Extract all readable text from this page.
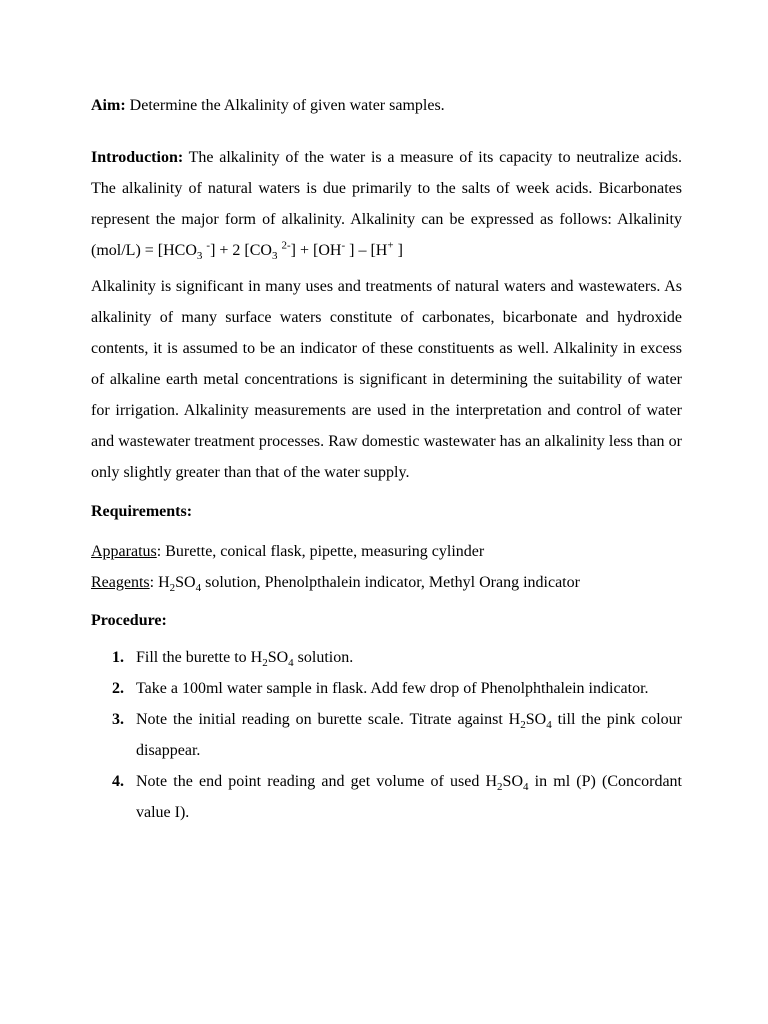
Aim: Determine the Alkalinity of given water samples.

Introduction: The alkalinity of the water is a measure of its capacity to neutralize acids. The alkalinity of natural waters is due primarily to the salts of week acids. Bicarbonates represent the major form of alkalinity. Alkalinity can be expressed as follows: Alkalinity $(mol/L) = [HCO_3$ -] + 2 [$CO_3$ $^{2-}$] + [OH- ] – [H+ ]

Alkalinity is significant in many uses and treatments of natural waters and wastewaters. As alkalinity of many surface waters constitute of carbonates, bicarbonate and hydroxide contents, it is assumed to be an indicator of these constituents as well. Alkalinity in excess of alkaline earth metal concentrations is significant in determining the suitability of water for irrigation. Alkalinity measurements are used in the interpretation and control of water and wastewater treatment processes. Raw domestic wastewater has an alkalinity less than or only slightly greater than that of the water supply.

Requirements:

Apparatus: Burette, conical flask, pipette, measuring cylinder

Reagents: $H_2SO_4$ solution, Phenolpthalein indicator, Methyl Orang indicator

Procedure:

1. Fill the burette to $H_2SO_4$ solution.
2. Take a 100ml water sample in flask. Add few drop of Phenolphthalein indicator.
3. Note the initial reading on burette scale. Titrate against $H_2SO_4$ till the pink colour disappear.
4. Note the end point reading and get volume of used $H_2SO_4$ in ml (P) (Concordant value I).
